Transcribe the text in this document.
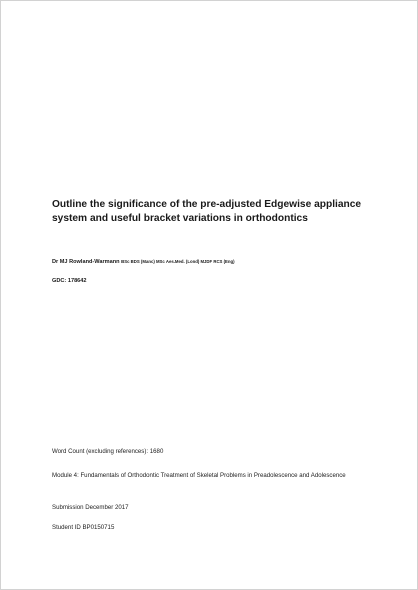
Outline the significance of the pre-adjusted Edgewise appliance system and useful bracket variations in orthodontics
Dr MJ Rowland-Warmann BSc BDS (Manc) MSc Aes.Med. (Lond) MJDF RCS (Eng)
GDC: 178642
Word Count (excluding references): 1680
Module 4: Fundamentals of Orthodontic Treatment of Skeletal Problems in Preadolescence and Adolescence
Submission December 2017
Student ID BP0150715
